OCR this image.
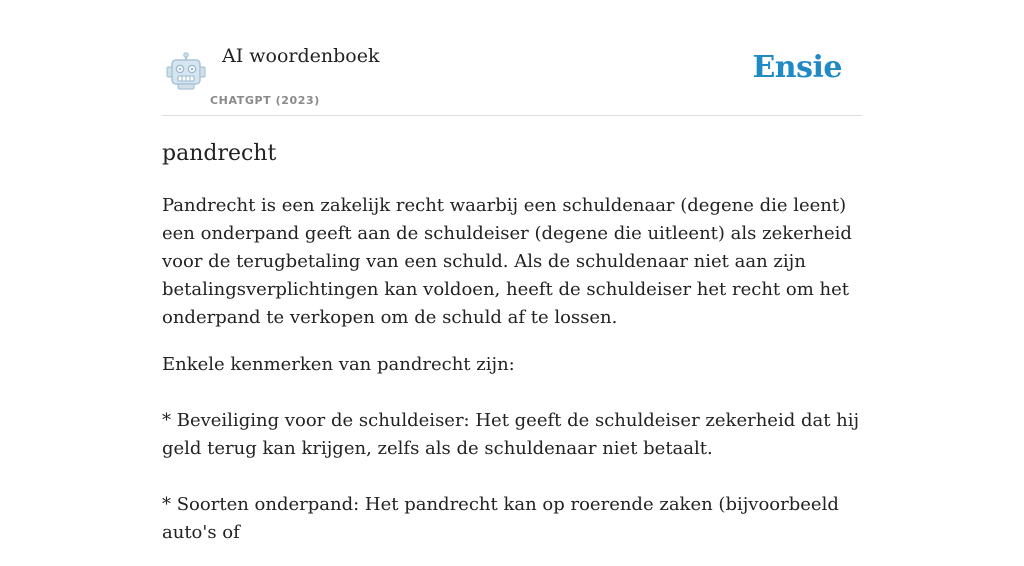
AI woordenboek
CHATGPT (2023)
Ensie
pandrecht

Pandrecht is een zakelijk recht waarbij een schuldenaar (degene die leent) een onderpand geeft aan de schuldeiser (degene die uitleent) als zekerheid voor de terugbetaling van een schuld. Als de schuldenaar niet aan zijn betalingsverplichtingen kan voldoen, heeft de schuldeiser het recht om het onderpand te verkopen om de schuld af te lossen.

Enkele kenmerken van pandrecht zijn:

* Beveiliging voor de schuldeiser: Het geeft de schuldeiser zekerheid dat hij geld terug kan krijgen, zelfs als de schuldenaar niet betaalt.

* Soorten onderpand: Het pandrecht kan op roerende zaken (bijvoorbeeld auto's of
